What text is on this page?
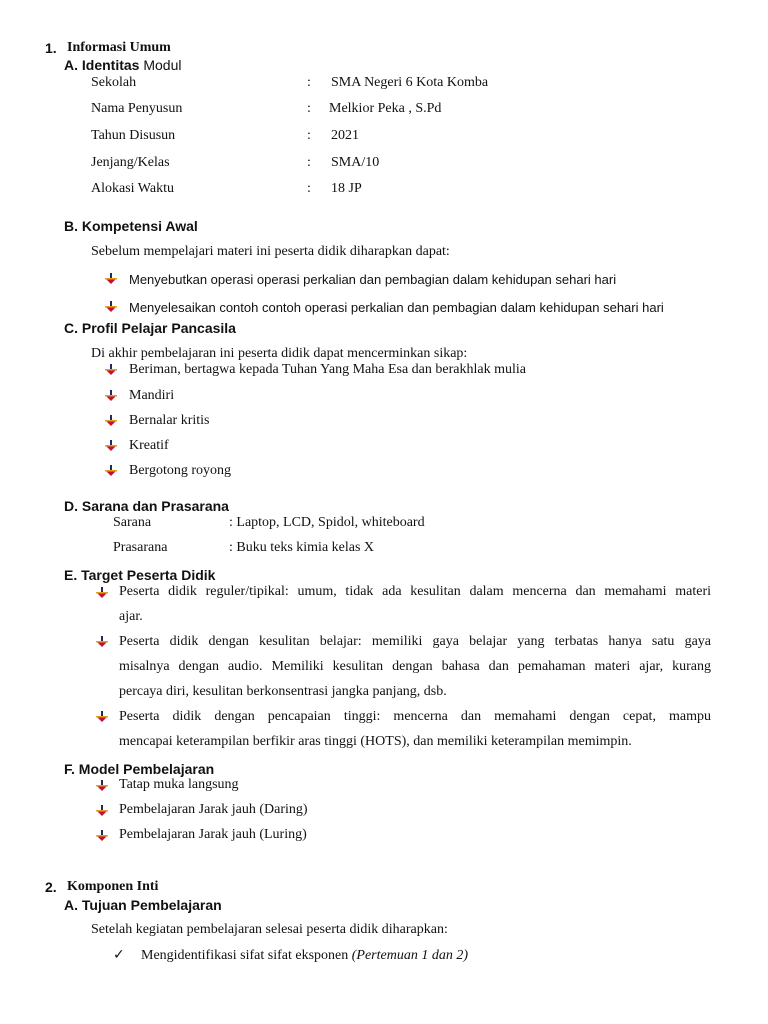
1. Informasi Umum
A. Identitas Modul
Sekolah	: SMA Negeri 6 Kota Komba
Nama Penyusun	: Melkior Peka , S.Pd
Tahun Disusun	: 2021
Jenjang/Kelas	: SMA/10
Alokasi Waktu	: 18 JP
B. Kompetensi Awal
Sebelum mempelajari materi ini peserta didik diharapkan dapat:
Menyebutkan operasi operasi perkalian dan pembagian dalam kehidupan sehari hari
Menyelesaikan contoh contoh operasi perkalian dan pembagian dalam kehidupan sehari hari
C. Profil Pelajar Pancasila
Di akhir pembelajaran ini peserta didik dapat mencerminkan sikap:
Beriman, bertagwa kepada Tuhan Yang Maha Esa dan berakhlak mulia
Mandiri
Bernalar kritis
Kreatif
Bergotong royong
D. Sarana dan Prasarana
Sarana	: Laptop, LCD, Spidol, whiteboard
Prasarana	: Buku teks kimia kelas X
E. Target Peserta Didik
Peserta didik reguler/tipikal: umum, tidak ada kesulitan dalam mencerna dan memahami materi
ajar.
Peserta didik dengan kesulitan belajar: memiliki gaya belajar yang terbatas hanya satu gaya
misalnya dengan audio. Memiliki kesulitan dengan bahasa dan pemahaman materi ajar, kurang
percaya diri, kesulitan berkonsentrasi jangka panjang, dsb.
Peserta didik dengan pencapaian tinggi: mencerna dan memahami dengan cepat, mampu
mencapai keterampilan berfikir aras tinggi (HOTS), dan memiliki keterampilan memimpin.
F. Model Pembelajaran
Tatap muka langsung
Pembelajaran Jarak jauh (Daring)
Pembelajaran Jarak jauh (Luring)
2. Komponen Inti
A. Tujuan Pembelajaran
Setelah kegiatan pembelajaran selesai peserta didik diharapkan:
✓ Mengidentifikasi sifat sifat eksponen (Pertemuan 1 dan 2)
